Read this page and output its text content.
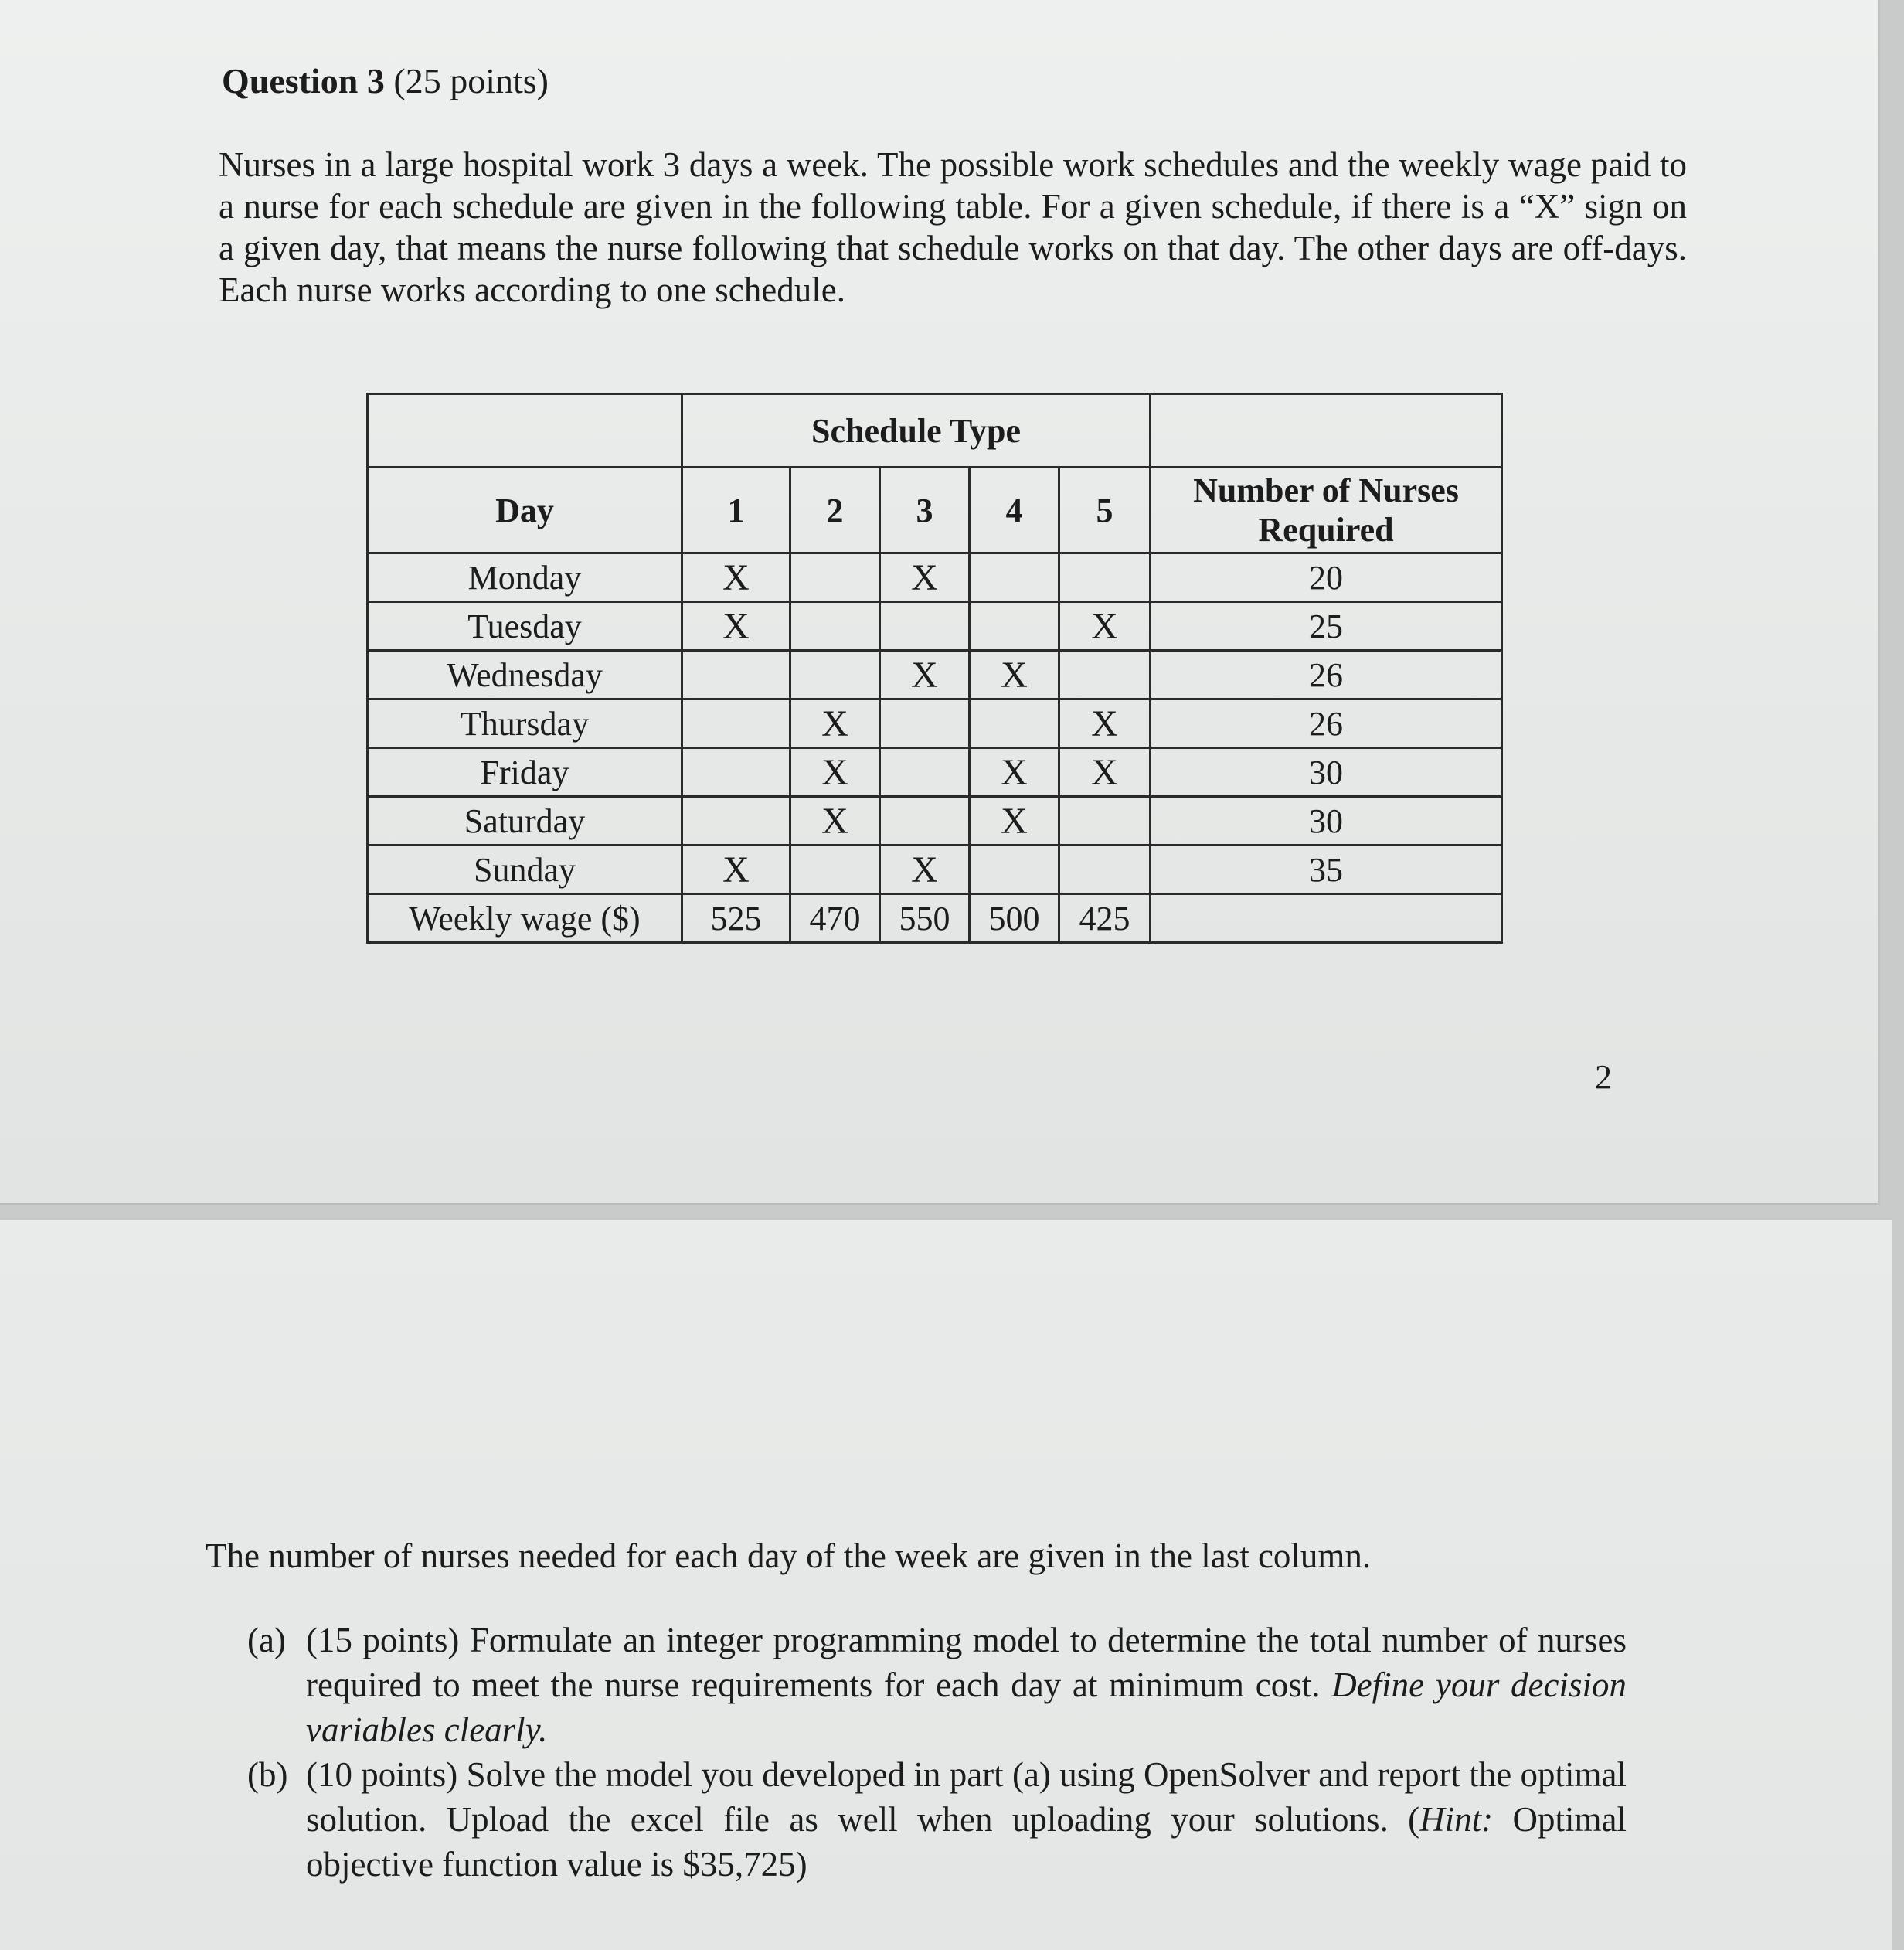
Question 3 (25 points)
Nurses in a large hospital work 3 days a week. The possible work schedules and the weekly wage paid to a nurse for each schedule are given in the following table. For a given schedule, if there is a “X” sign on a given day, that means the nurse following that schedule works on that day. The other days are off-days. Each nurse works according to one schedule.
	Schedule Type					
Day	1	2	3	4	5	Number of Nurses Required
Monday	X		X			20
Tuesday	X				X	25
Wednesday			X	X		26
Thursday		X			X	26
Friday		X		X	X	30
Saturday		X		X		30
Sunday	X		X			35
Weekly wage ($)	525	470	550	500	425	
2
The number of nurses needed for each day of the week are given in the last column.
(a) (15 points) Formulate an integer programming model to determine the total number of nurses required to meet the nurse requirements for each day at minimum cost. Define your decision variables clearly.
(b) (10 points) Solve the model you developed in part (a) using OpenSolver and report the optimal solution. Upload the excel file as well when uploading your solutions. (Hint: Optimal objective function value is $35,725)
